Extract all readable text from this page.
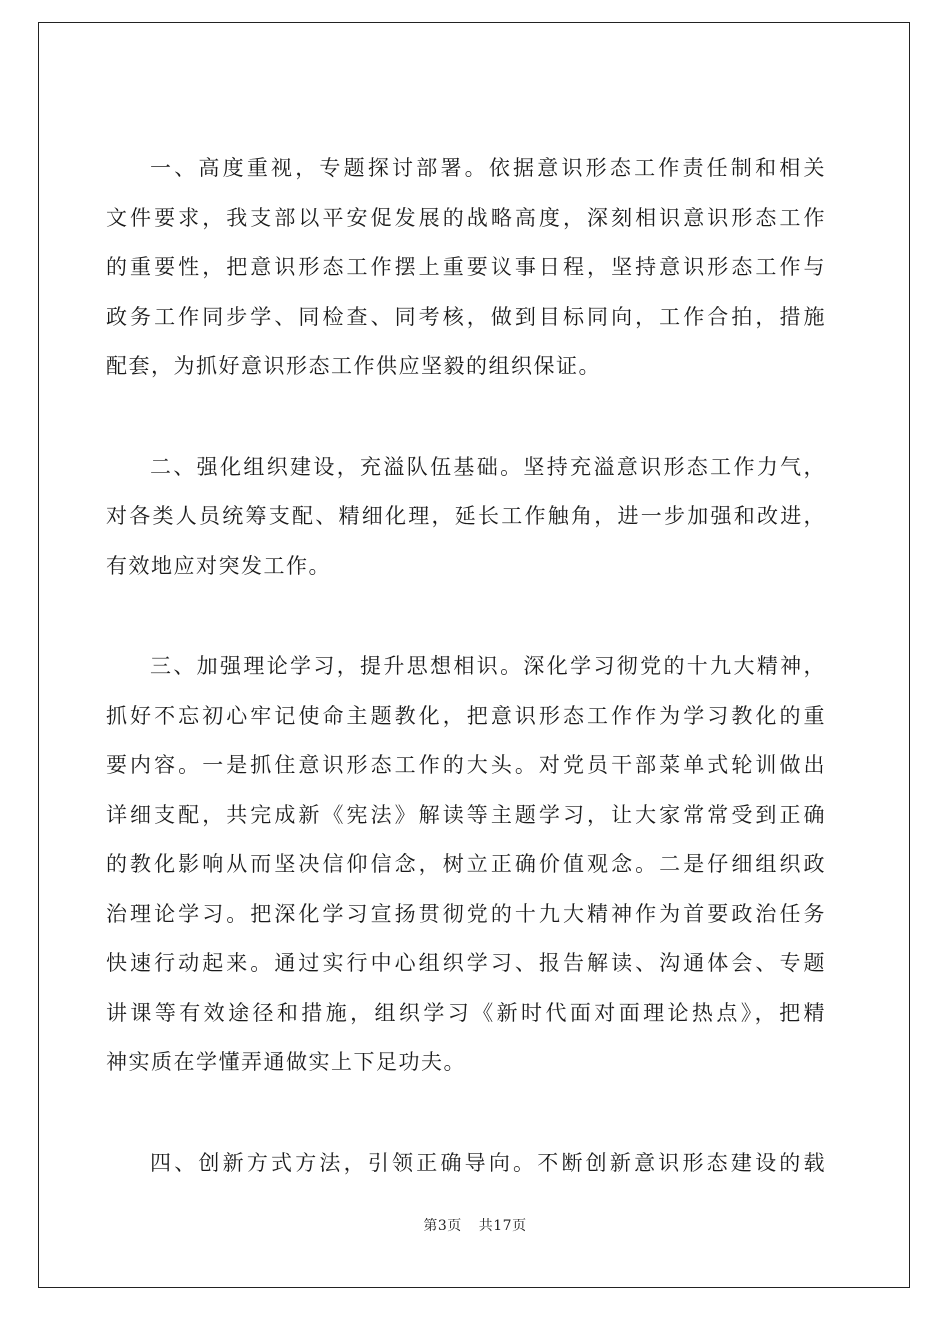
一、高度重视，专题探讨部署。依据意识形态工作责任制和相关
文件要求，我支部以平安促发展的战略高度，深刻相识意识形态工作
的重要性，把意识形态工作摆上重要议事日程，坚持意识形态工作与
政务工作同步学、同检查、同考核，做到目标同向，工作合拍，措施
配套，为抓好意识形态工作供应坚毅的组织保证。

二、强化组织建设，充溢队伍基础。坚持充溢意识形态工作力气，
对各类人员统筹支配、精细化理，延长工作触角，进一步加强和改进，
有效地应对突发工作。

三、加强理论学习，提升思想相识。深化学习彻党的十九大精神，
抓好不忘初心牢记使命主题教化，把意识形态工作作为学习教化的重
要内容。一是抓住意识形态工作的大头。对党员干部菜单式轮训做出
详细支配，共完成新《宪法》解读等主题学习，让大家常常受到正确
的教化影响从而坚决信仰信念，树立正确价值观念。二是仔细组织政
治理论学习。把深化学习宣扬贯彻党的十九大精神作为首要政治任务
快速行动起来。通过实行中心组织学习、报告解读、沟通体会、专题
讲课等有效途径和措施，组织学习《新时代面对面理论热点》，把精
神实质在学懂弄通做实上下足功夫。

四、创新方式方法，引领正确导向。不断创新意识形态建设的载

第3页 共17页
